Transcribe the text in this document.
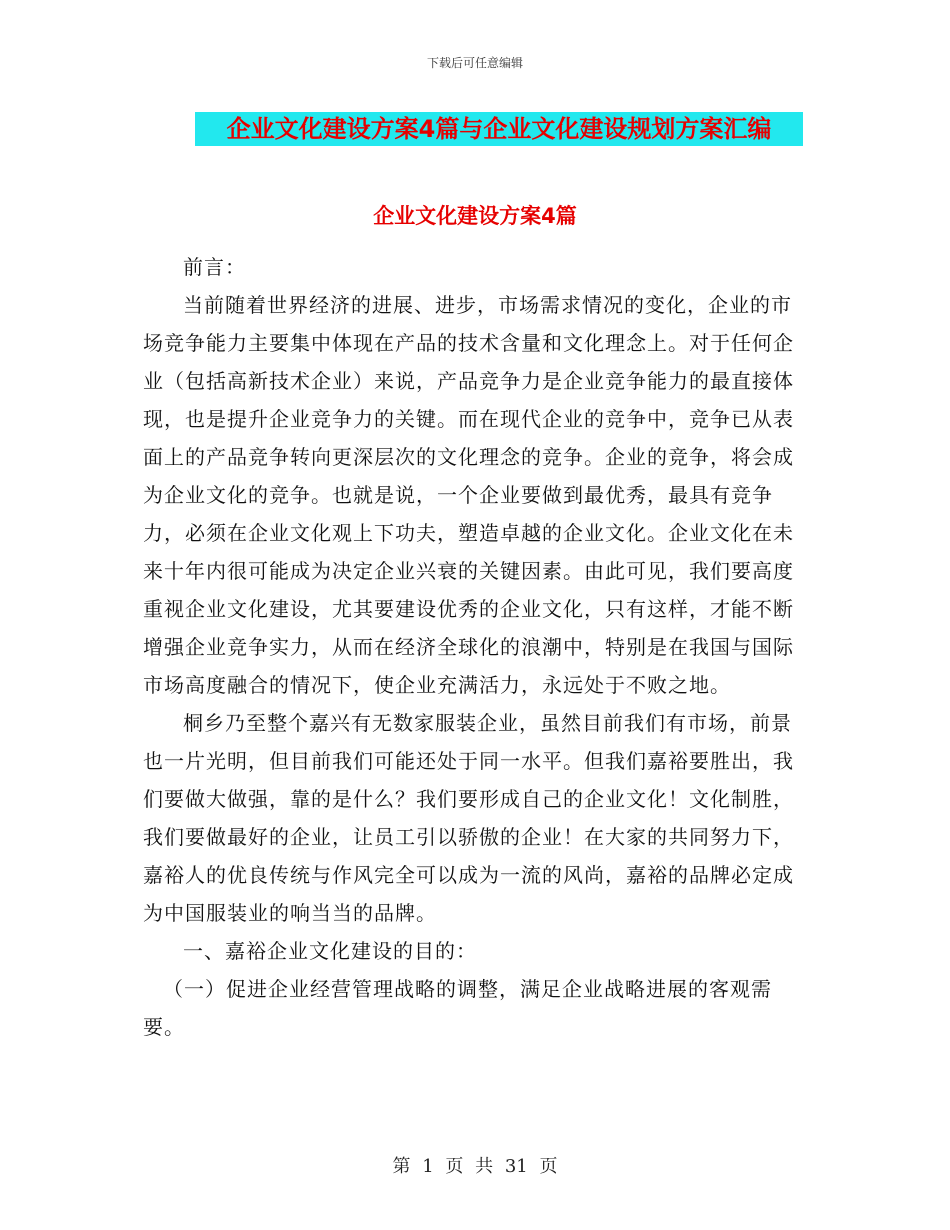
下载后可任意编辑
企业文化建设方案4篇与企业文化建设规划方案汇编
企业文化建设方案4篇

前言：

当前随着世界经济的进展、进步，市场需求情况的变化，企业的市场竞争能力主要集中体现在产品的技术含量和文化理念上。对于任何企业（包括高新技术企业）来说，产品竞争力是企业竞争能力的最直接体现，也是提升企业竞争力的关键。而在现代企业的竞争中，竞争已从表面上的产品竞争转向更深层次的文化理念的竞争。企业的竞争，将会成为企业文化的竞争。也就是说，一个企业要做到最优秀，最具有竞争力，必须在企业文化观上下功夫，塑造卓越的企业文化。企业文化在未来十年内很可能成为决定企业兴衰的关键因素。由此可见，我们要高度重视企业文化建设，尤其要建设优秀的企业文化，只有这样，才能不断增强企业竞争实力，从而在经济全球化的浪潮中，特别是在我国与国际市场高度融合的情况下，使企业充满活力，永远处于不败之地。

桐乡乃至整个嘉兴有无数家服装企业，虽然目前我们有市场，前景也一片光明，但目前我们可能还处于同一水平。但我们嘉裕要胜出，我们要做大做强，靠的是什么？我们要形成自己的企业文化！文化制胜，我们要做最好的企业，让员工引以骄傲的企业！在大家的共同努力下，嘉裕人的优良传统与作风完全可以成为一流的风尚，嘉裕的品牌必定成为中国服装业的响当当的品牌。

一、嘉裕企业文化建设的目的：

（一）促进企业经营管理战略的调整，满足企业战略进展的客观需要。

第 1 页 共 31 页
